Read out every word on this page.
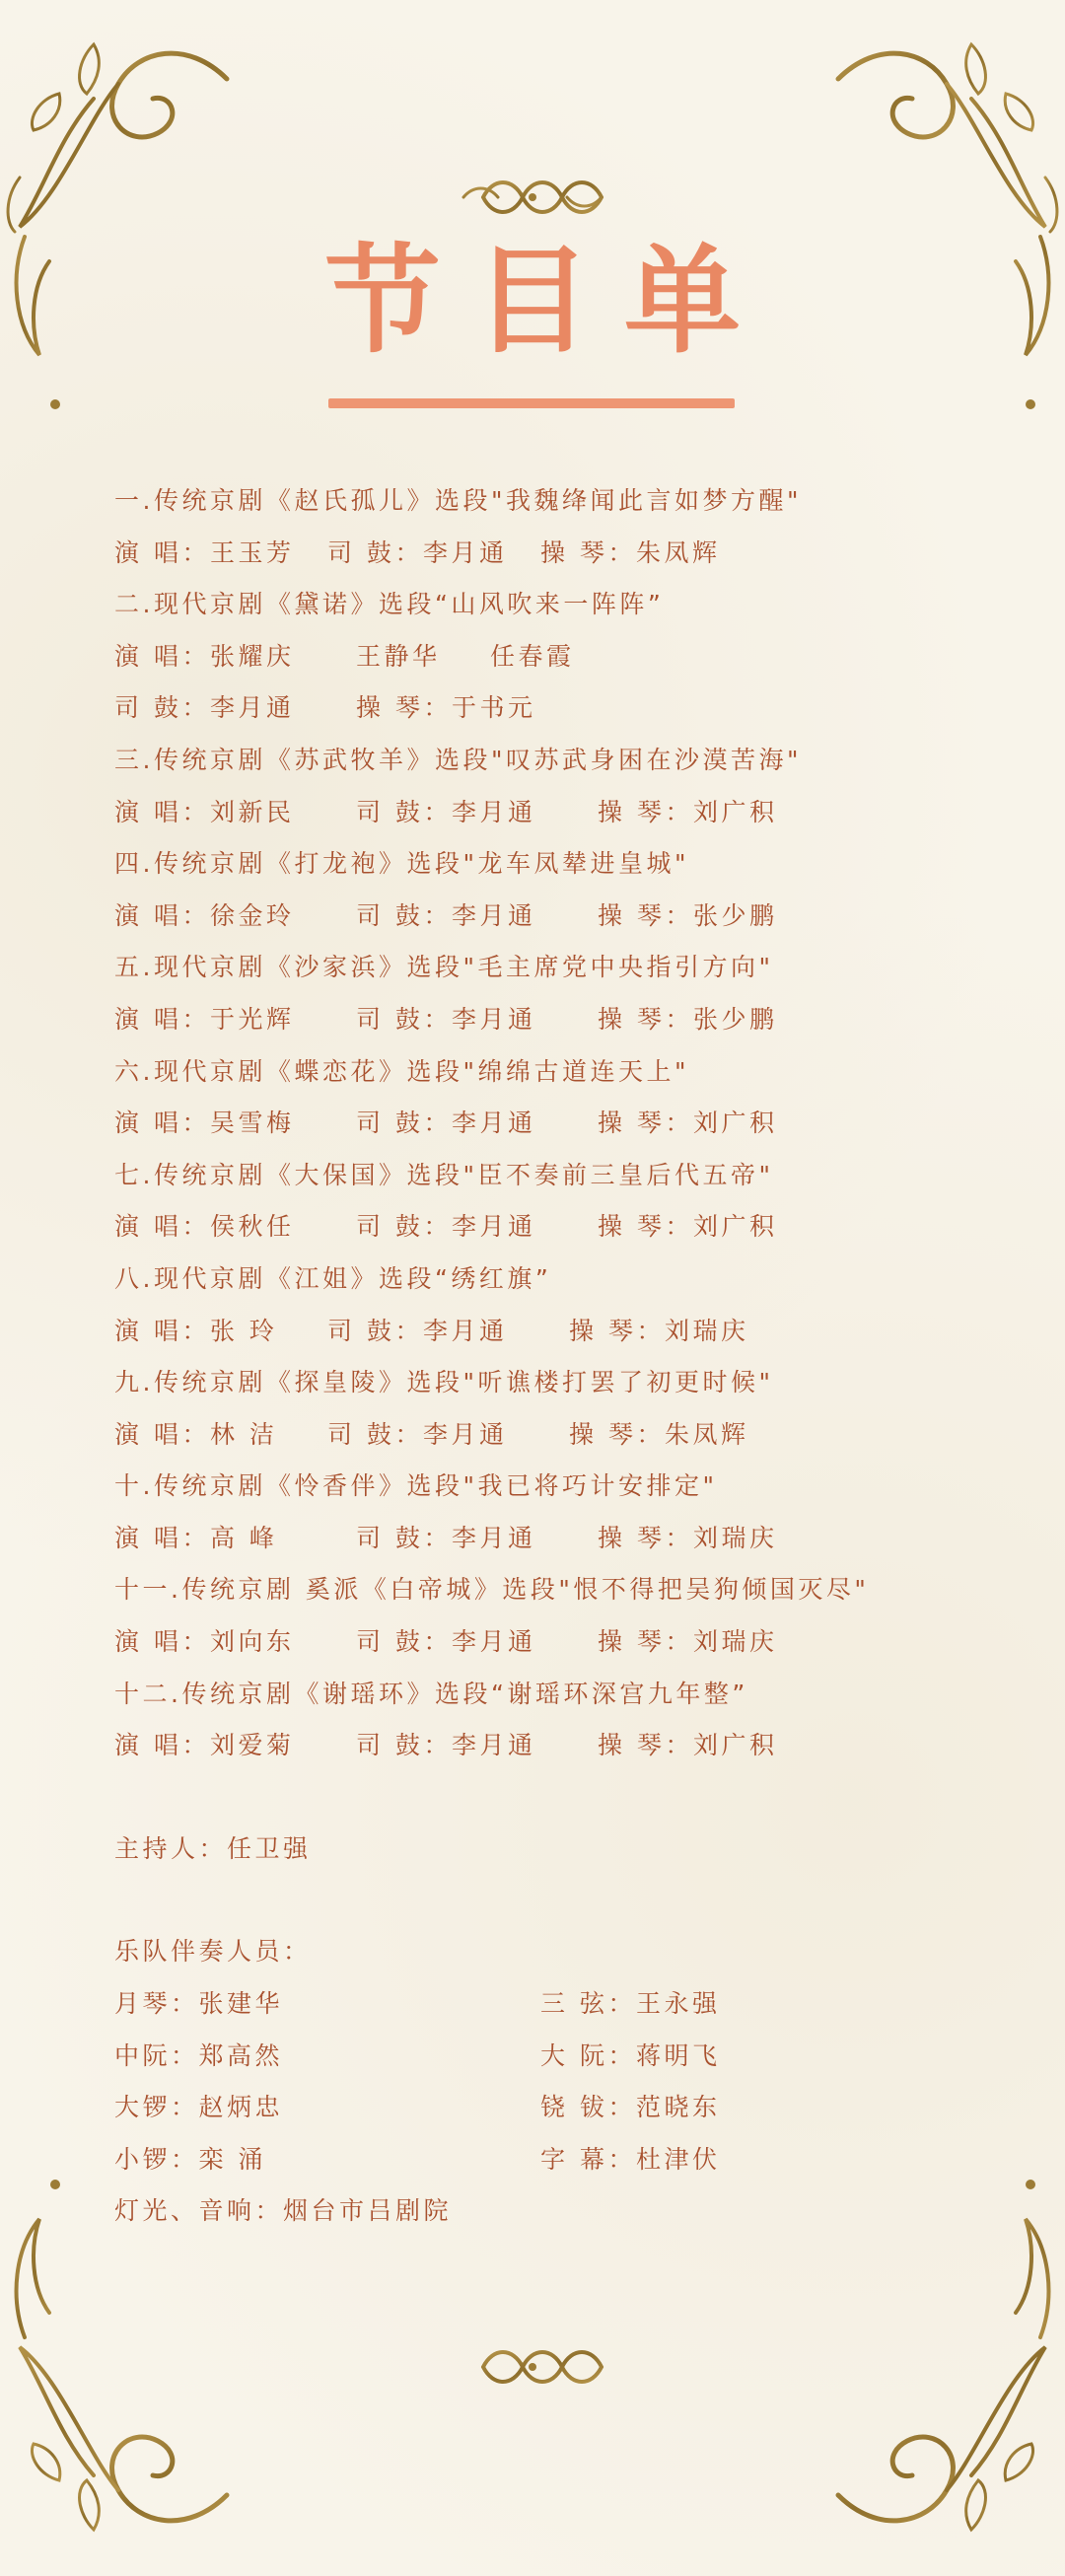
节目单
一.传统京剧《赵氏孤儿》选段"我魏绛闻此言如梦方醒"
演 唱：王玉芳 司 鼓：李月通 操 琴：朱凤辉
二.现代京剧《黛诺》选段“山风吹来一阵阵”
演 唱：张耀庆	王静华 任春霞
司 鼓：李月通	操 琴：于书元
三.传统京剧《苏武牧羊》选段"叹苏武身困在沙漠苦海"
演 唱：刘新民	司 鼓：李月通	操 琴：刘广积
四.传统京剧《打龙袍》选段"龙车凤辇进皇城"
演 唱：徐金玲	司 鼓：李月通	操 琴：张少鹏
五.现代京剧《沙家浜》选段"毛主席党中央指引方向"
演 唱：于光辉	司 鼓：李月通	操 琴：张少鹏
六.现代京剧《蝶恋花》选段"绵绵古道连天上"
演 唱：吴雪梅	司 鼓：李月通	操 琴：刘广积
七.传统京剧《大保国》选段"臣不奏前三皇后代五帝"
演 唱：侯秋任	司 鼓：李月通	操 琴：刘广积
八.现代京剧《江姐》选段“绣红旗”
演 唱：张 玲 司 鼓：李月通	操 琴：刘瑞庆
九.传统京剧《探皇陵》选段"听谯楼打罢了初更时候"
演 唱：林 洁 司 鼓：李月通	操 琴：朱凤辉
十.传统京剧《怜香伴》选段"我已将巧计安排定"
演 唱：高 峰	司 鼓：李月通	操 琴：刘瑞庆
十一.传统京剧 奚派《白帝城》选段"恨不得把吴狗倾国灭尽"
演 唱：刘向东	司 鼓：李月通	操 琴：刘瑞庆
十二.传统京剧《谢瑶环》选段“谢瑶环深宫九年整”
演 唱：刘爱菊	司 鼓：李月通	操 琴：刘广积
主持人：任卫强
乐队伴奏人员：
月琴：张建华	三 弦：王永强
中阮：郑高然	大 阮：蒋明飞
大锣：赵炳忠	铙 钹：范晓东
小锣：栾 涌	字 幕：杜津伏
灯光、音响：烟台市吕剧院
